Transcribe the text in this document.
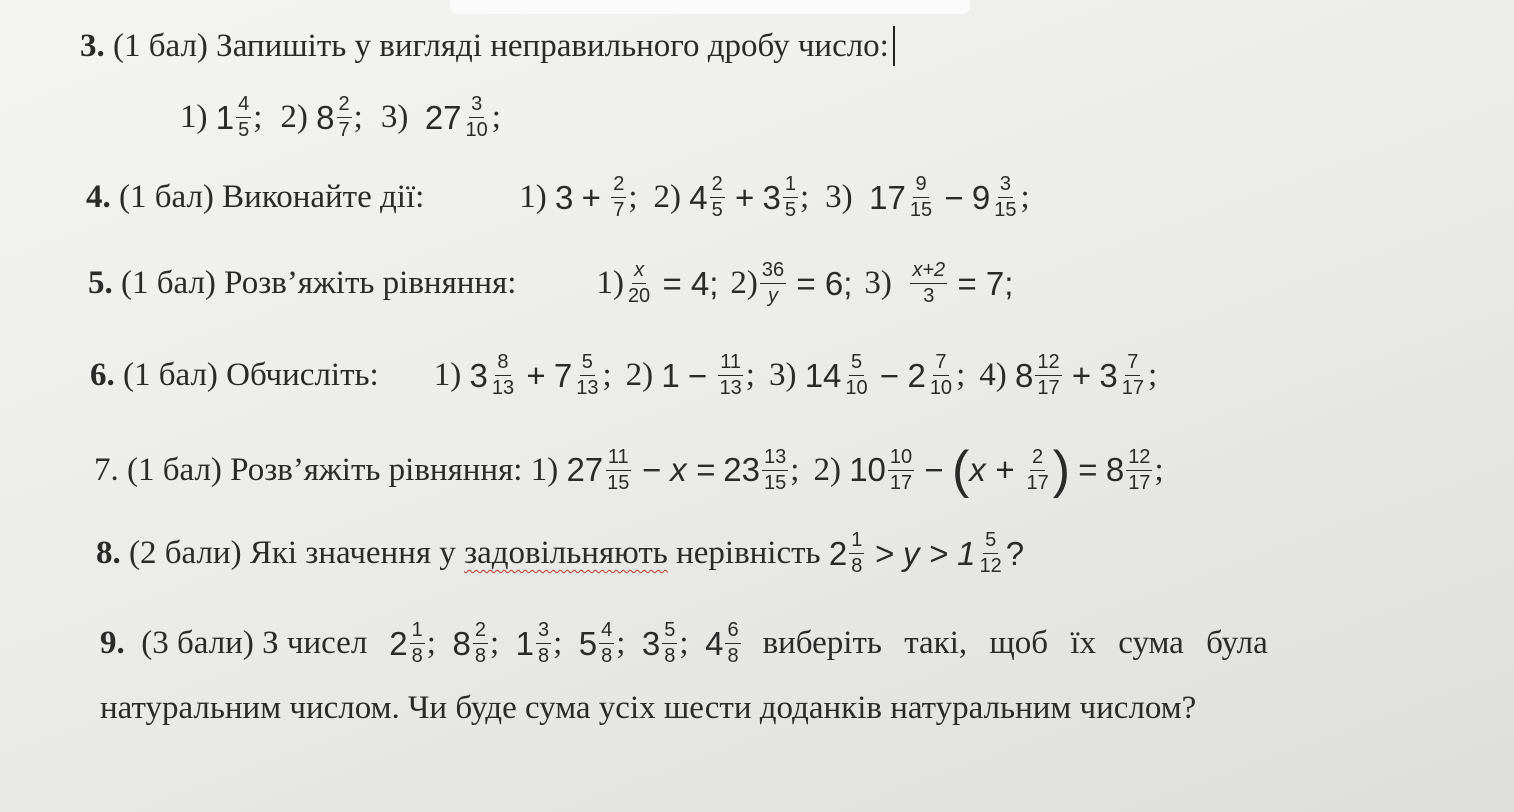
3.
(1 бал) Запишіть у вигляді неправильного дробу число:
1)
$1 \frac{4}{5}$ ; 2)
$8 \frac{2}{7}$ ; 3)
$27 \frac{3}{10}$ ;
4.
(1 бал) Виконайте дії:	1)
3
+
$\frac{2}{7}$ ; 2)
$4 \frac{2}{5}$
+
$3 \frac{1}{5}$ ; 3)
$17 \frac{9}{15}$
−
$9 \frac{3}{15}$ ;
5.
(1 бал) Розв’яжіть рівняння: $1) \frac{x}{20}$
= 4; $2) \frac{36}{y}$
= 6; 3)
$\frac{x+2}{3}$
= 7;
6.
(1 бал) Обчисліть: 1)
$3 \frac{8}{13}$
+
$7 \frac{5}{13}$ ; 2)
1
−
$\frac{11}{13}$ ; 3)
$14 \frac{5}{10}$
−
$2 \frac{7}{10}$ ; 4)
$8 \frac{12}{17}$
+
$3 \frac{7}{17}$ ;
7.
(1 бал) Розв’яжіть рівняння:
1)
$27 \frac{11}{15}$
− x =
$23 \frac{13}{15}$ ; 2)
$10 \frac{10}{17}$
−
( x +
$\frac{2}{17}$ )
=
$8 \frac{12}{17}$ ;
8.
(2 бали) Які значення у
задовільняють
нерівність
$2 \frac{1}{8}$
> $y > 1 \frac{5}{12}$ ?
9.
(3 бали) З чисел $2 \frac{1}{8}$ ; $8 \frac{2}{8}$ ; $1 \frac{3}{8}$ ; $5 \frac{4}{8}$ ; $3 \frac{5}{8}$ ; $4 \frac{6}{8}$ виберіть такі, щоб їх сума була
натуральним числом. Чи буде сума усіх шести доданків натуральним числом?
